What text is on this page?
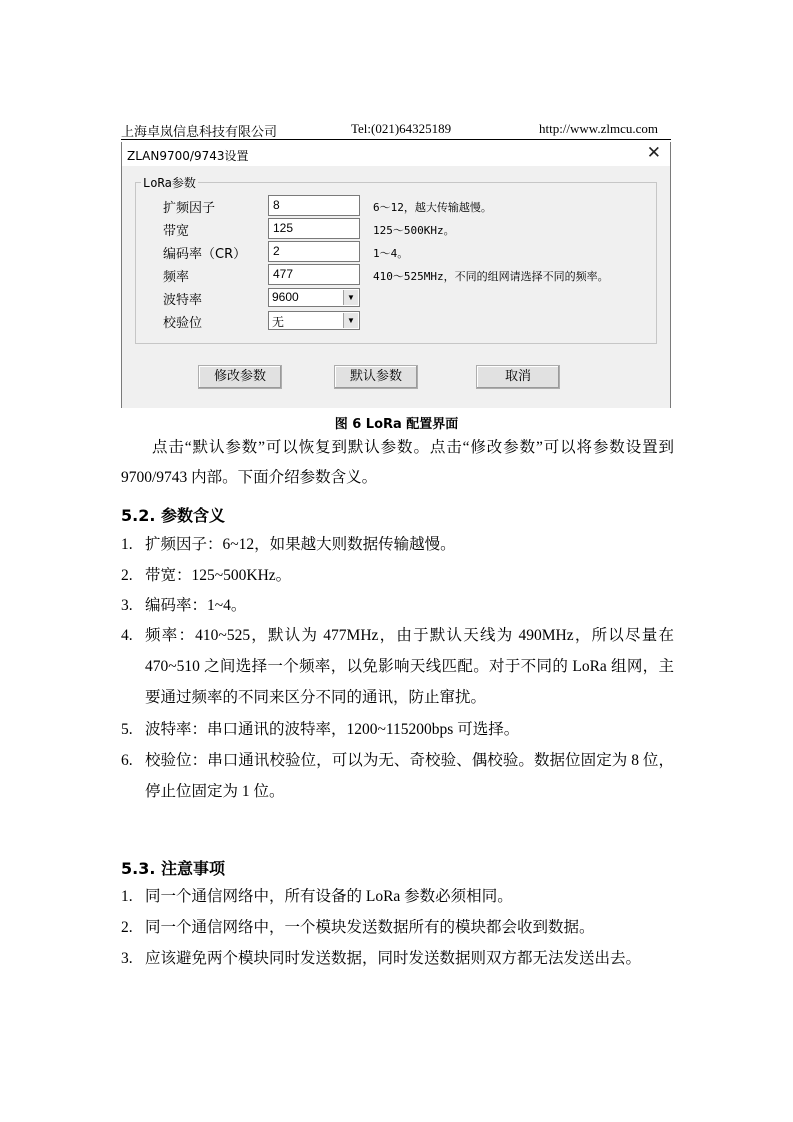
上海卓岚信息科技有限公司	Tel:(021)64325189	http://www.zlmcu.com
ZLAN9700/9743设置	✕
LoRa参数
扩频因子	8	6～12，越大传输越慢。
带宽	125	125～500KHz。
编码率（CR）	2	1～4。
频率	477	410～525MHz，不同的组网请选择不同的频率。
波特率	9600	▼
校验位	无	▼
修改参数	默认参数	取消
图 6 LoRa 配置界面
点击“默认参数”可以恢复到默认参数。点击“修改参数”可以将参数设置到 9700/9743 内部。下面介绍参数含义。
5.2. 参数含义
1. 扩频因子：6~12，如果越大则数据传输越慢。
2. 带宽：125~500KHz。
3. 编码率：1~4。
4. 频率：410~525，默认为 477MHz，由于默认天线为 490MHz，所以尽量在 470~510 之间选择一个频率，以免影响天线匹配。对于不同的 LoRa 组网，主要通过频率的不同来区分不同的通讯，防止窜扰。
5. 波特率：串口通讯的波特率，1200~115200bps 可选择。
6. 校验位：串口通讯校验位，可以为无、奇校验、偶校验。数据位固定为 8 位，停止位固定为 1 位。
5.3. 注意事项
1. 同一个通信网络中，所有设备的 LoRa 参数必须相同。
2. 同一个通信网络中，一个模块发送数据所有的模块都会收到数据。
3. 应该避免两个模块同时发送数据，同时发送数据则双方都无法发送出去。
